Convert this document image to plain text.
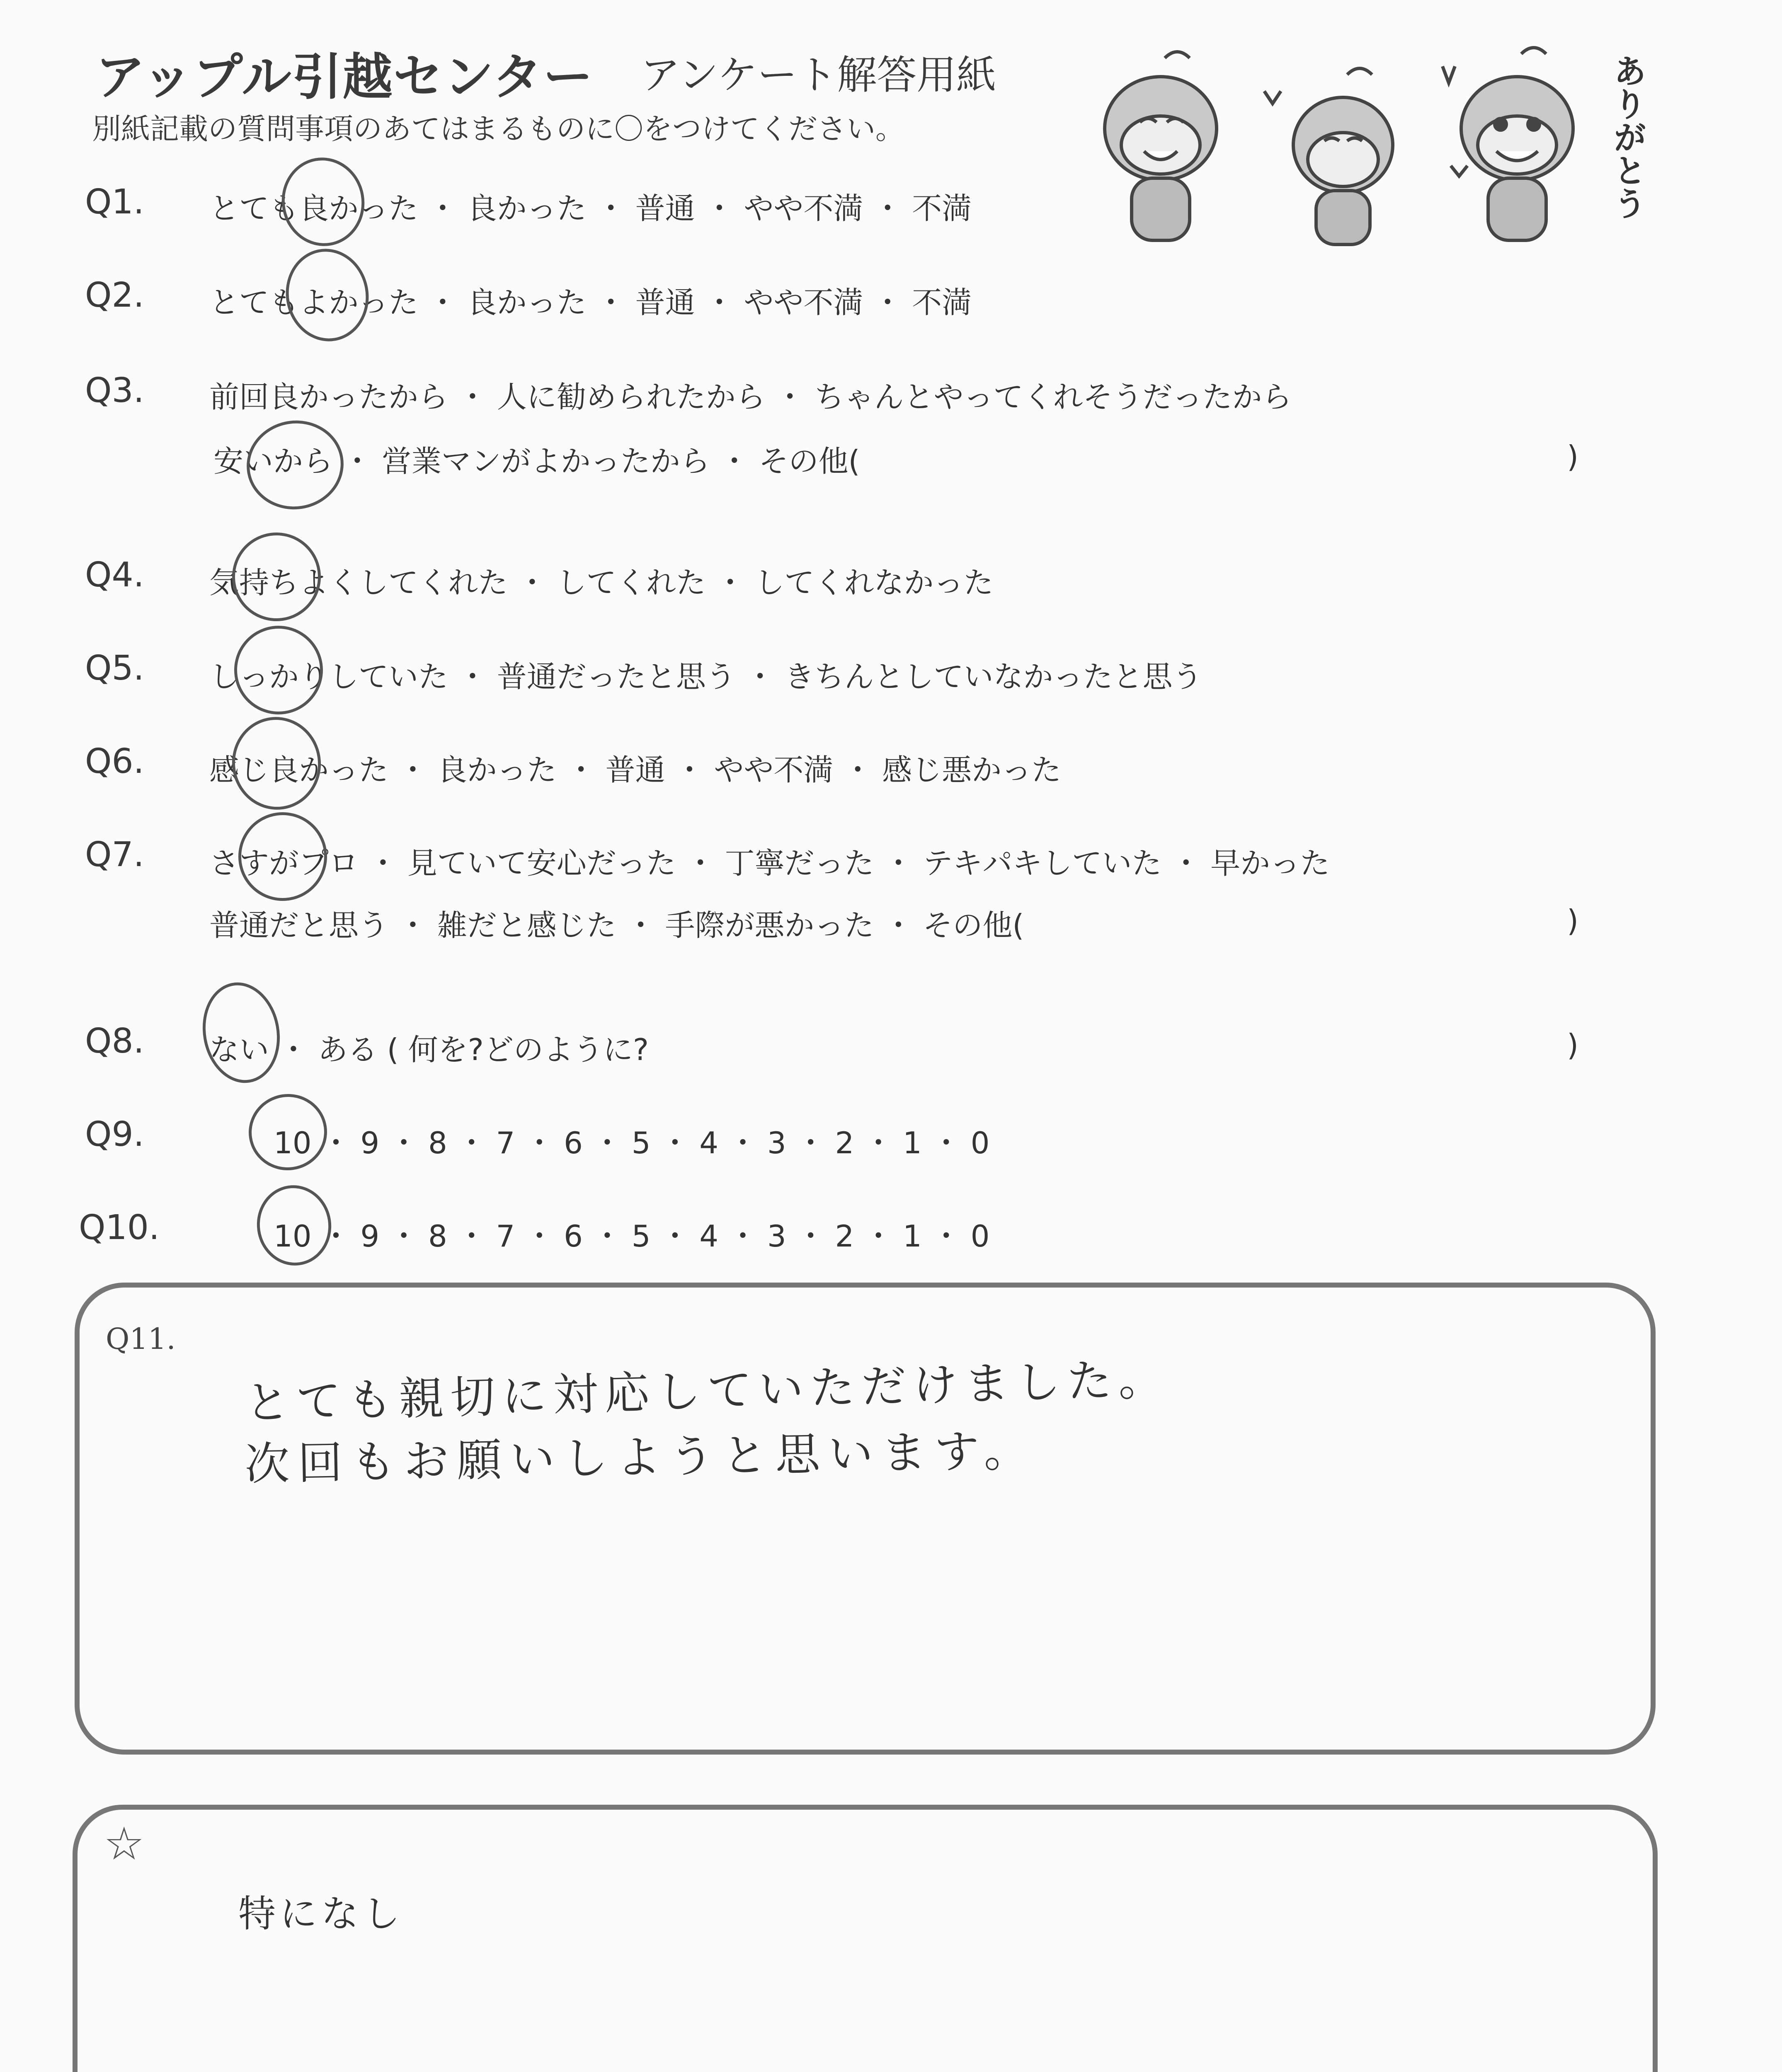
アップル引越センター アンケート解答用紙
別紙記載の質問事項のあてはまるものに〇をつけてください。	ありがとう
Q1. とても良かった ・ 良かった ・ 普通 ・ やや不満 ・ 不満
Q2. とてもよかった ・ 良かった ・ 普通 ・ やや不満 ・ 不満
Q3. 前回良かったから ・ 人に勧められたから ・ ちゃんとやってくれそうだったから
安いから ・ 営業マンがよかったから ・ その他(	)
Q4. 気持ちよくしてくれた ・ してくれた ・ してくれなかった
Q5. しっかりしていた ・ 普通だったと思う ・ きちんとしていなかったと思う
Q6. 感じ良かった ・ 良かった ・ 普通 ・ やや不満 ・ 感じ悪かった
Q7. さすがプロ ・ 見ていて安心だった ・ 丁寧だった ・ テキパキしていた ・ 早かった
普通だと思う ・ 雑だと感じた ・ 手際が悪かった ・ その他(	)
Q8. ない ・ ある ( 何を?どのように?	)
Q9.	10 ・ 9 ・ 8 ・ 7 ・ 6 ・ 5 ・ 4 ・ 3 ・ 2 ・ 1 ・ 0
Q10.	10 ・ 9 ・ 8 ・ 7 ・ 6 ・ 5 ・ 4 ・ 3 ・ 2 ・ 1 ・ 0
Q11.
とても親切に対応していただけました。
次回もお願いしようと思います。
☆
特になし
